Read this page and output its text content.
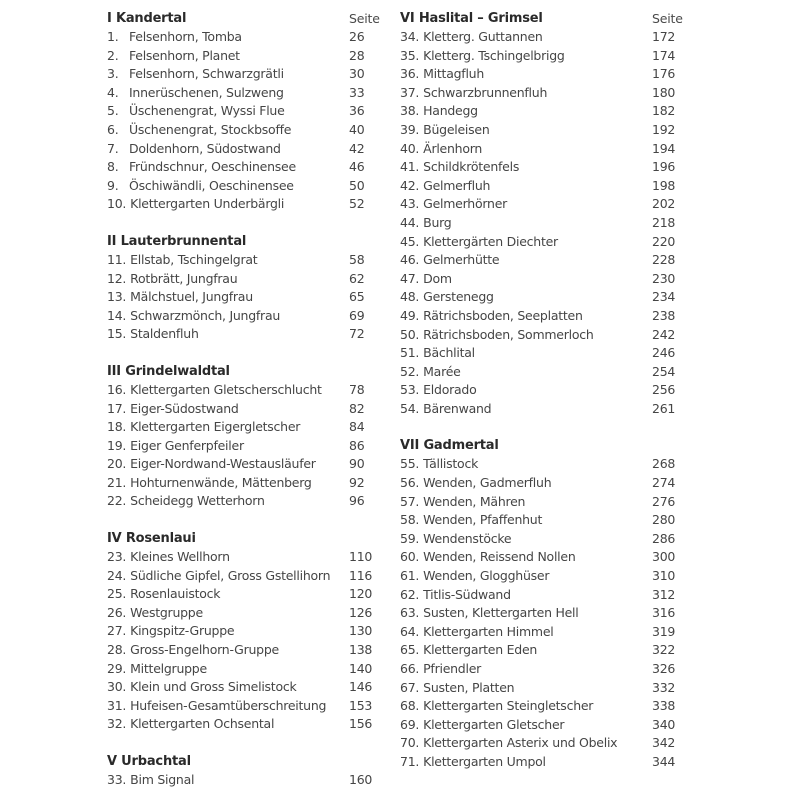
I Kandertal	Seite
1. Felsenhorn, Tomba	26
2. Felsenhorn, Planet	28
3. Felsenhorn, Schwarzgrätli	30
4. Innerüschenen, Sulzweng	33
5. Üschenengrat, Wyssi Flue	36
6. Üschenengrat, Stockbsoffe	40
7. Doldenhorn, Südostwand	42
8. Fründschnur, Oeschinensee	46
9. Öschiwändli, Oeschinensee	50
10. Klettergarten Underbärgli	52
II Lauterbrunnental
11. Ellstab, Tschingelgrat	58
12. Rotbrätt, Jungfrau	62
13. Mälchstuel, Jungfrau	65
14. Schwarzmönch, Jungfrau	69
15. Staldenfluh	72
III Grindelwaldtal
16. Klettergarten Gletscherschlucht 78
17. Eiger-Südostwand	82
18. Klettergarten Eigergletscher	84
19. Eiger Genferpfeiler	86
20. Eiger-Nordwand-Westausläufer	90
21. Hohturnenwände, Mättenberg	92
22. Scheidegg Wetterhorn	96
IV Rosenlaui
23. Kleines Wellhorn	110
24. Südliche Gipfel, Gross Gstellihorn 116
25. Rosenlauistock	120
26. Westgruppe	126
27. Kingspitz-Gruppe	130
28. Gross-Engelhorn-Gruppe	138
29. Mittelgruppe	140
30. Klein und Gross Simelistock	146
31. Hufeisen-Gesamtüberschreitung 153
32. Klettergarten Ochsental	156
V Urbachtal
33. Bim Signal	160
VI Haslital – Grimsel	Seite
34. Kletterg. Guttannen	172
35. Kletterg. Tschingelbrigg	174
36. Mittagfluh	176
37. Schwarzbrunnenfluh	180
38. Handegg	182
39. Bügeleisen	192
40. Ärlenhorn	194
41. Schildkrötenfels	196
42. Gelmerfluh	198
43. Gelmerhörner	202
44. Burg	218
45. Klettergärten Diechter	220
46. Gelmerhütte	228
47. Dom	230
48. Gerstenegg	234
49. Rätrichsboden, Seeplatten	238
50. Rätrichsboden, Sommerloch	242
51. Bächlital	246
52. Marée	254
53. Eldorado	256
54. Bärenwand	261
VII Gadmertal
55. Tällistock	268
56. Wenden, Gadmerfluh	274
57. Wenden, Mähren	276
58. Wenden, Pfaffenhut	280
59. Wendenstöcke	286
60. Wenden, Reissend Nollen	300
61. Wenden, Glogghüser	310
62. Titlis-Südwand	312
63. Susten, Klettergarten Hell	316
64. Klettergarten Himmel	319
65. Klettergarten Eden	322
66. Pfriendler	326
67. Susten, Platten	332
68. Klettergarten Steingletscher	338
69. Klettergarten Gletscher	340
70. Klettergarten Asterix und Obelix	342
71. Klettergarten Umpol	344
